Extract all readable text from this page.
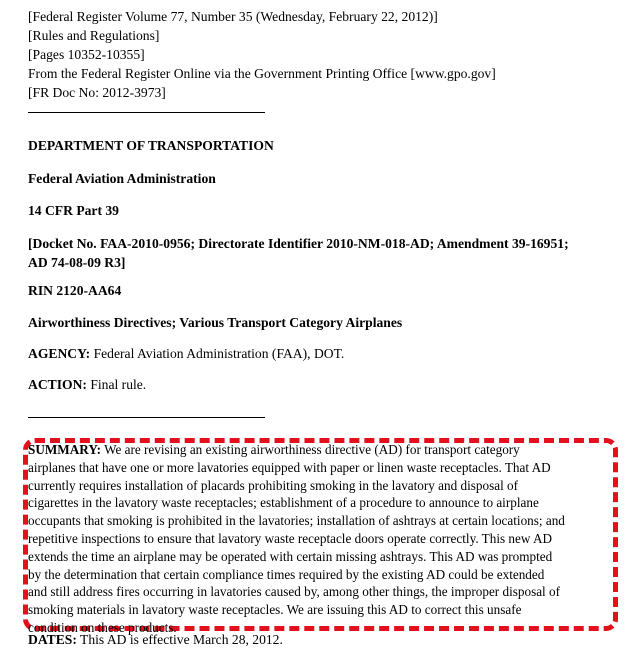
[Federal Register Volume 77, Number 35 (Wednesday, February 22, 2012)]
[Rules and Regulations]
[Pages 10352-10355]
From the Federal Register Online via the Government Printing Office [www.gpo.gov]
[FR Doc No: 2012-3973]
DEPARTMENT OF TRANSPORTATION
Federal Aviation Administration
14 CFR Part 39
[Docket No. FAA-2010-0956; Directorate Identifier 2010-NM-018-AD; Amendment 39-16951;
AD 74-08-09 R3]
RIN 2120-AA64
Airworthiness Directives; Various Transport Category Airplanes
AGENCY: Federal Aviation Administration (FAA), DOT.
ACTION: Final rule.
SUMMARY: We are revising an existing airworthiness directive (AD) for transport category
airplanes that have one or more lavatories equipped with paper or linen waste receptacles. That AD
currently requires installation of placards prohibiting smoking in the lavatory and disposal of
cigarettes in the lavatory waste receptacles; establishment of a procedure to announce to airplane
occupants that smoking is prohibited in the lavatories; installation of ashtrays at certain locations; and
repetitive inspections to ensure that lavatory waste receptacle doors operate correctly. This new AD
extends the time an airplane may be operated with certain missing ashtrays. This AD was prompted
by the determination that certain compliance times required by the existing AD could be extended
and still address fires occurring in lavatories caused by, among other things, the improper disposal of
smoking materials in lavatory waste receptacles. We are issuing this AD to correct this unsafe
condition on these products.
DATES: This AD is effective March 28, 2012.
